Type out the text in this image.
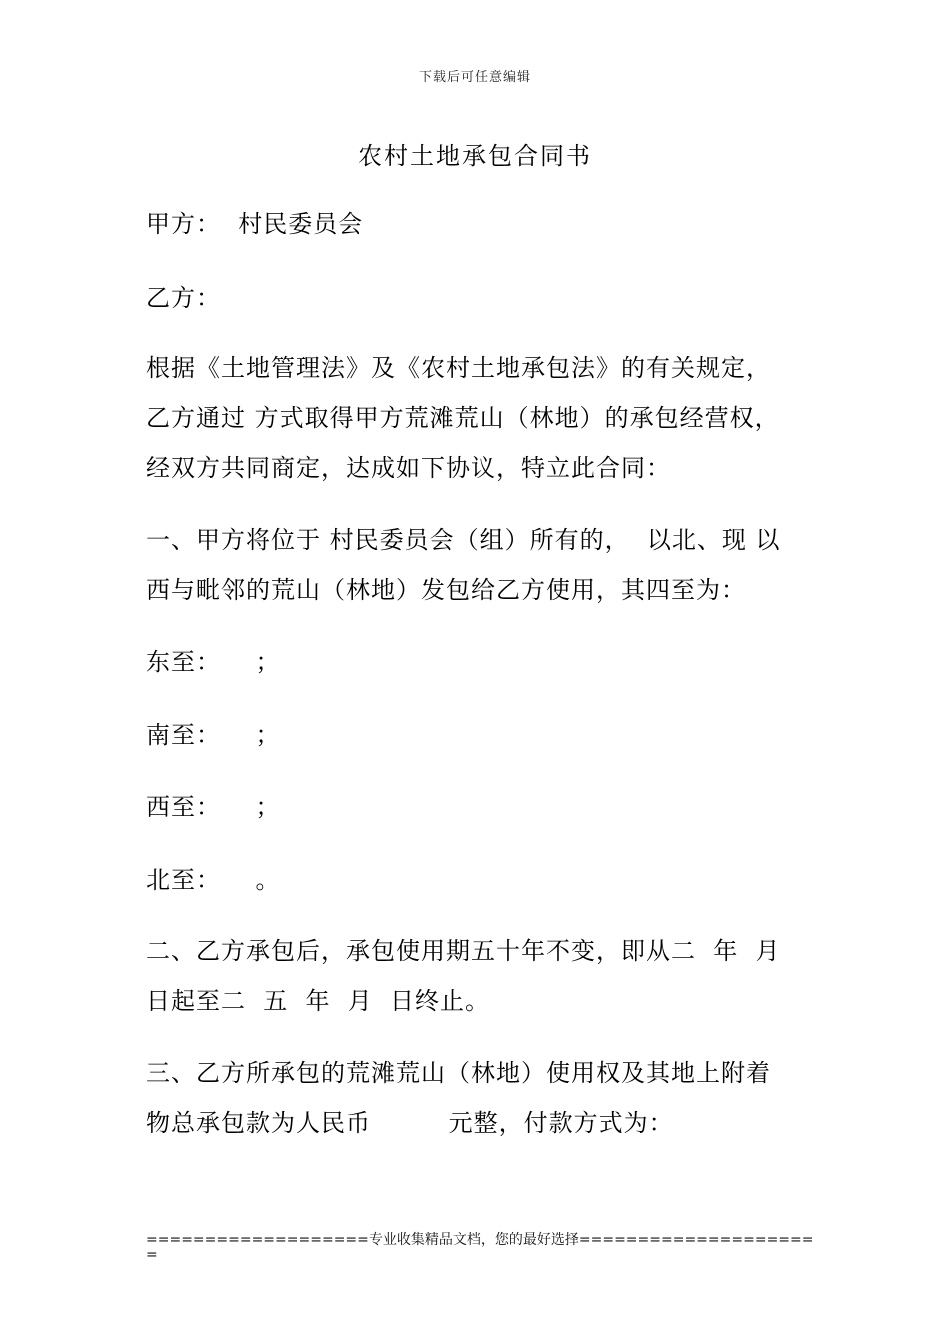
下载后可任意编辑
农村土地承包合同书
甲方：  村民委员会
乙方：
根据《土地管理法》及《农村土地承包法》的有关规定，
乙方通过 方式取得甲方荒滩荒山（林地）的承包经营权，
经双方共同商定，达成如下协议，特立此合同：
一、甲方将位于 村民委员会（组）所有的，  以北、现 以
西与毗邻的荒山（林地）发包给乙方使用，其四至为：
东至：    ；
南至：    ；
西至：    ；
北至：    。
二、乙方承包后，承包使用期五十年不变，即从二  年  月
日起至二  五  年  月  日终止。
三、乙方所承包的荒滩荒山（林地）使用权及其地上附着
物总承包款为人民币         元整，付款方式为：
===================专业收集精品文档，您的最好选择====================
=
